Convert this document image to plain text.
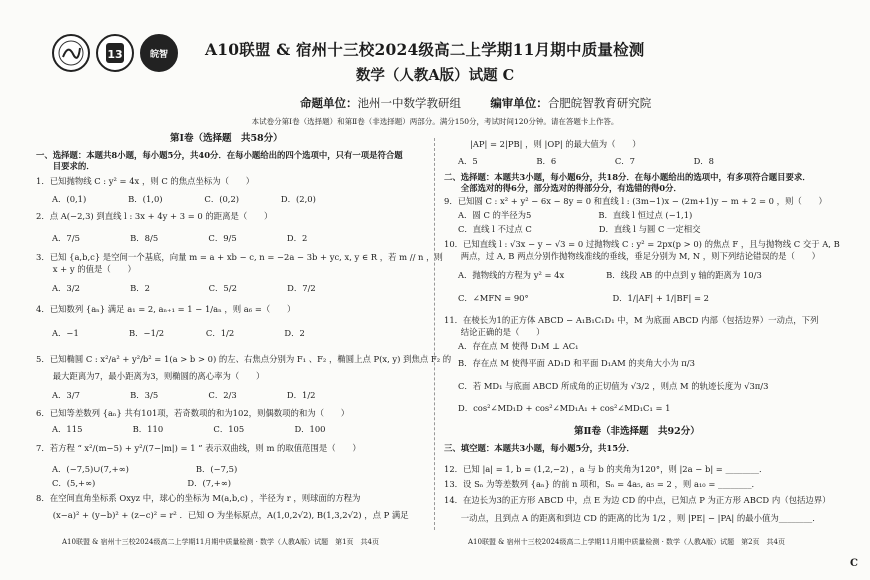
13	皖智 A10联盟 & 宿州十三校2024级高二上学期11月期中质量检测
数学（人教A版）试题 C
命题单位：池州一中数学教研组	编审单位：合肥皖智教育研究院
本试卷分第Ⅰ卷（选择题）和第Ⅱ卷（非选择题）两部分。满分150分，考试时间120分钟。请在答题卡上作答。
第Ⅰ卷（选择题　共58分）
一、选择题：本题共8小题，每小题5分，共40分．在每小题给出的四个选项中，只有一项是符合题
　　目要求的．
1．已知抛物线 C : y² = 4x ，则 C 的焦点坐标为（　　）
A．(0,1)　　　　　B．(1,0)　　　　　C．(0,2)　　　　　D．(2,0)
2．点 A(−2,3) 到直线 l : 3x + 4y + 3 = 0 的距离是（　　）
A．7/5　　　　　　B．8/5　　　　　　C．9/5　　　　　　D．2
3．已知 {a,b,c} 是空间一个基底，向量 m = a + xb − c, n = −2a − 3b + yc, x, y ∈ R ，若 m // n ，则
　　x + y 的值是（　　）
A．3/2　　　　　　B．2　　　　　　　C．5/2　　　　　　D．7/2
4．已知数列 {aₙ} 满足 a₁ = 2, aₙ₊₁ = 1 − 1/aₙ ，则 a₆ =（　　）
A．−1　　　　　　B．−1/2　　　　　C．1/2　　　　　　D．2
5．已知椭圆 C : x²/a² + y²/b² = 1(a > b > 0) 的左、右焦点分别为 F₁ 、F₂ ，椭圆上点 P(x, y) 到焦点 F₂ 的
　　最大距离为7，最小距离为3，则椭圆的离心率为（　　）
A．3/7　　　　　　B．3/5　　　　　　C．2/3　　　　　　D．1/2
6．已知等差数列 {aₙ} 共有101项，若奇数项的和为102，则偶数项的和为（　　）
A．115　　　　　　B．110　　　　　　C．105　　　　　　D．100
7．若方程 “ x²/(m−5) + y²/(7−|m|) = 1 ” 表示双曲线，则 m 的取值范围是（　　）
A．(−7,5)∪(7,+∞)　　　　　　　　B．(−7,5)
C．(5,+∞)　　　　　　　　　　　D．(7,+∞)
8．在空间直角坐标系 Oxyz 中，球心的坐标为 M(a,b,c) ，半径为 r ，则球面的方程为
　　(x−a)² + (y−b)² + (z−c)² = r² ．已知 O 为坐标原点，A(1,0,2√2), B(1,3,2√2) ，点 P 满足
A10联盟 & 宿州十三校2024级高二上学期11月期中质量检测 · 数学（人教A版）试题　第1页　共4页
|AP| = 2|PB| ，则 |OP| 的最大值为（　　）
A．5　　　　　　　B．6　　　　　　　C．7　　　　　　　D．8
二、选择题：本题共3小题，每小题6分，共18分．在每小题给出的选项中，有多项符合题目要求．
　　全部选对的得6分，部分选对的得部分分，有选错的得0分．
9．已知圆 C : x² + y² − 6x − 8y = 0 和直线 l : (3m−1)x − (2m+1)y − m + 2 = 0 ，则（　　）
A．圆 C 的半径为5　　　　　　　　B．直线 l 恒过点 (−1,1)
C．直线 l 不过点 C　　　　　　　　D．直线 l 与圆 C 一定相交
10．已知直线 l : √3x − y − √3 = 0 过抛物线 C : y² = 2px(p > 0) 的焦点 F ，且与抛物线 C 交于 A, B
　　两点，过 A, B 两点分别作抛物线准线的垂线，垂足分别为 M, N ，则下列结论错误的是（　　）
A．抛物线的方程为 y² = 4x　　　　　B．线段 AB 的中点到 y 轴的距离为 10/3
C．∠MFN = 90°　　　　　　　　　　D．1/|AF| + 1/|BF| = 2
11．在棱长为1的正方体 ABCD − A₁B₁C₁D₁ 中，M 为底面 ABCD 内部（包括边界）一动点，下列
　　结论正确的是（　　）
A．存在点 M 使得 D₁M ⊥ AC₁
B．存在点 M 使得平面 AD₁D 和平面 D₁AM 的夹角大小为 π/3
C．若 MD₁ 与底面 ABCD 所成角的正切值为 √3/2 ，则点 M 的轨迹长度为 √3π/3
D．cos²∠MD₁D + cos²∠MD₁A₁ + cos²∠MD₁C₁ = 1
第Ⅱ卷（非选择题　共92分）
三、填空题：本题共3小题，每小题5分，共15分．
12．已知 |a| = 1, b = (1,2,−2) ，a 与 b 的夹角为120°，则 |2a − b| = ________．
13．设 Sₙ 为等差数列 {aₙ} 的前 n 项和，Sₙ = 4a₅, a₅ = 2 ，则 a₁₀ = ________．
14．在边长为3的正方形 ABCD 中，点 E 为边 CD 的中点，已知点 P 为正方形 ABCD 内（包括边界）
　　一动点，且到点 A 的距离和到边 CD 的距离的比为 1/2 ，则 |PE| − |PA| 的最小值为________．
A10联盟 & 宿州十三校2024级高二上学期11月期中质量检测 · 数学（人教A版）试题　第2页　共4页
C
